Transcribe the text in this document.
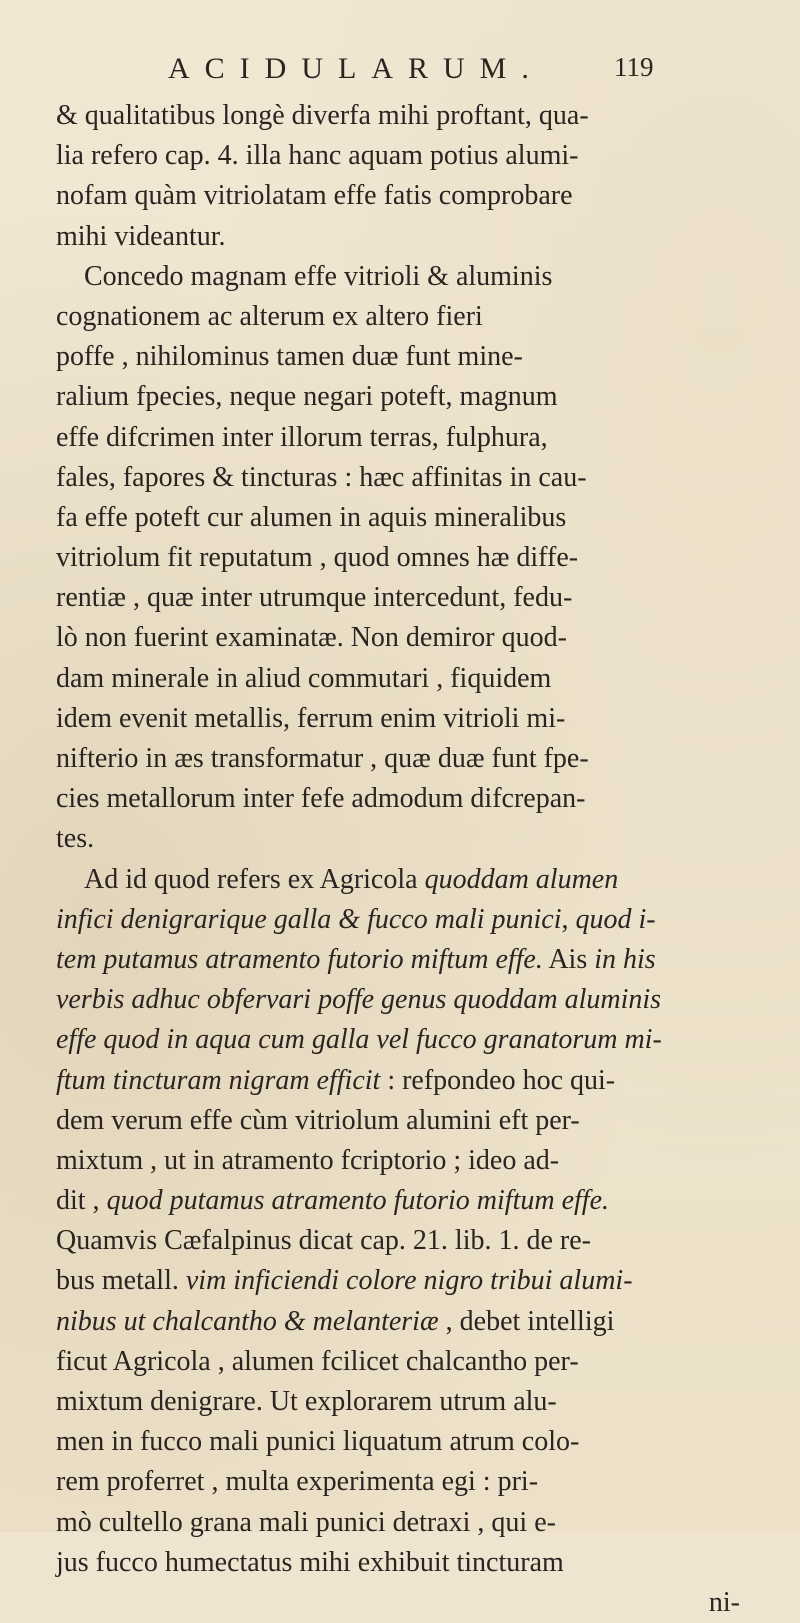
ACIDULARUM.	119
& qualitatibus longè diverfa mihi proftant, qua-
lia refero cap. 4. illa hanc aquam potius alumi-
nofam quàm vitriolatam effe fatis comprobare
mihi videantur.
Concedo magnam effe vitrioli & aluminis
cognationem ac alterum ex altero fieri
poffe , nihilominus tamen duæ funt mine-
ralium fpecies, neque negari poteft, magnum
effe difcrimen inter illorum terras, fulphura,
fales, fapores & tincturas : hæc affinitas in cau-
fa effe poteft cur alumen in aquis mineralibus
vitriolum fit reputatum , quod omnes hæ diffe-
rentiæ , quæ inter utrumque intercedunt, fedu-
lò non fuerint examinatæ. Non demiror quod-
dam minerale in aliud commutari , fiquidem
idem evenit metallis, ferrum enim vitrioli mi-
nifterio in æs transformatur , quæ duæ funt fpe-
cies metallorum inter fefe admodum difcrepan-
tes.
Ad id quod refers ex Agricola quoddam alumen
infici denigrarique galla & fucco mali punici, quod i-
tem putamus atramento futorio miftum effe. Ais in his
verbis adhuc obfervari poffe genus quoddam aluminis
effe quod in aqua cum galla vel fucco granatorum mi-
ftum tincturam nigram efficit : refpondeo hoc qui-
dem verum effe cùm vitriolum alumini eft per-
mixtum , ut in atramento fcriptorio ; ideo ad-
dit , quod putamus atramento futorio miftum effe.
Quamvis Cæfalpinus dicat cap. 21. lib. 1. de re-
bus metall. vim inficiendi colore nigro tribui alumi-
nibus ut chalcantho & melanteriæ , debet intelligi
ficut Agricola , alumen fcilicet chalcantho per-
mixtum denigrare. Ut explorarem utrum alu-
men in fucco mali punici liquatum atrum colo-
rem proferret , multa experimenta egi : pri-
mò cultello grana mali punici detraxi , qui e-
jus fucco humectatus mihi exhibuit tincturam
ni-
